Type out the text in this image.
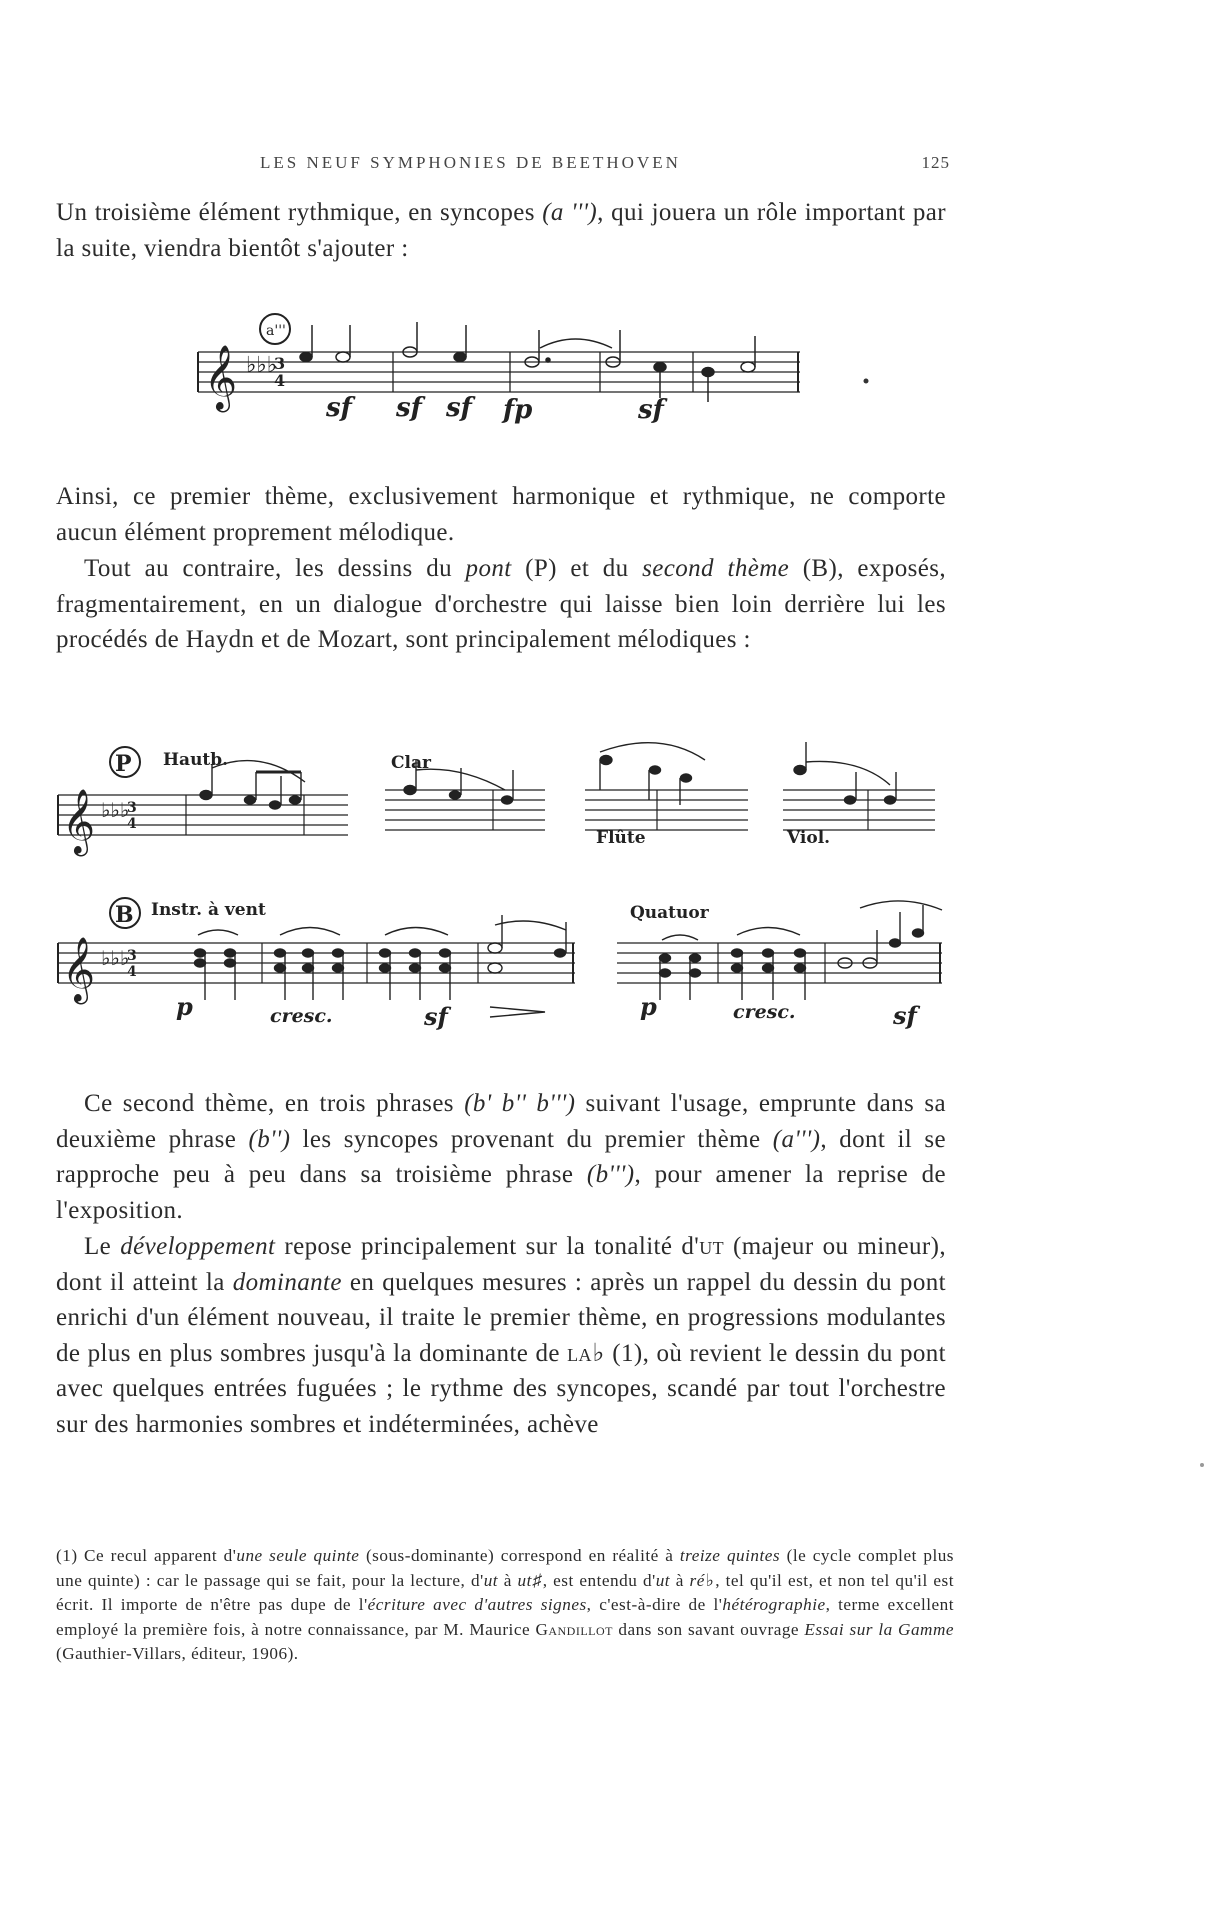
LES NEUF SYMPHONIES DE BEETHOVEN	125

Un troisième élément rythmique, en syncopes (a '''), qui jouera un rôle important par la suite, viendra bientôt s'ajouter :

𝄞 ♭♭♭
3
4
a'''
sf sf sf fp	sf

Ainsi, ce premier thème, exclusivement harmonique et rythmique, ne comporte aucun élément proprement mélodique.

Tout au contraire, les dessins du pont (P) et du second thème (B), exposés, fragmentairement, en un dialogue d'orchestre qui laisse bien loin derrière lui les procédés de Haydn et de Mozart, sont principalement mélodiques :

𝄞 ♭♭♭
3
4
P Hautb.	Clar
Flûte	Viol.
𝄞 ♭♭♭
3
4
B Instr. à vent	Quatuor
p	cresc.	sf	p	cresc.	sf

Ce second thème, en trois phrases (b' b'' b''') suivant l'usage, emprunte dans sa deuxième phrase (b'') les syncopes provenant du premier thème (a'''), dont il se rapproche peu à peu dans sa troisième phrase (b'''), pour amener la reprise de l'exposition.

Le développement repose principalement sur la tonalité d'ut (majeur ou mineur), dont il atteint la dominante en quelques mesures : après un rappel du dessin du pont enrichi d'un élément nouveau, il traite le premier thème, en progressions modulantes de plus en plus sombres jusqu'à la dominante de la♭ (1), où revient le dessin du pont avec quelques entrées fuguées ; le rythme des syncopes, scandé par tout l'orchestre sur des harmonies sombres et indéterminées, achève

(1) Ce recul apparent d'une seule quinte (sous-dominante) correspond en réalité à treize quintes (le cycle complet plus une quinte) : car le passage qui se fait, pour la lecture, d'ut à ut♯, est entendu d'ut à ré♭, tel qu'il est, et non tel qu'il est écrit. Il importe de n'être pas dupe de l'écriture avec d'autres signes, c'est-à-dire de l'hétérographie, terme excellent employé la première fois, à notre connaissance, par M. Maurice Gandillot dans son savant ouvrage Essai sur la Gamme (Gauthier-Villars, éditeur, 1906).
